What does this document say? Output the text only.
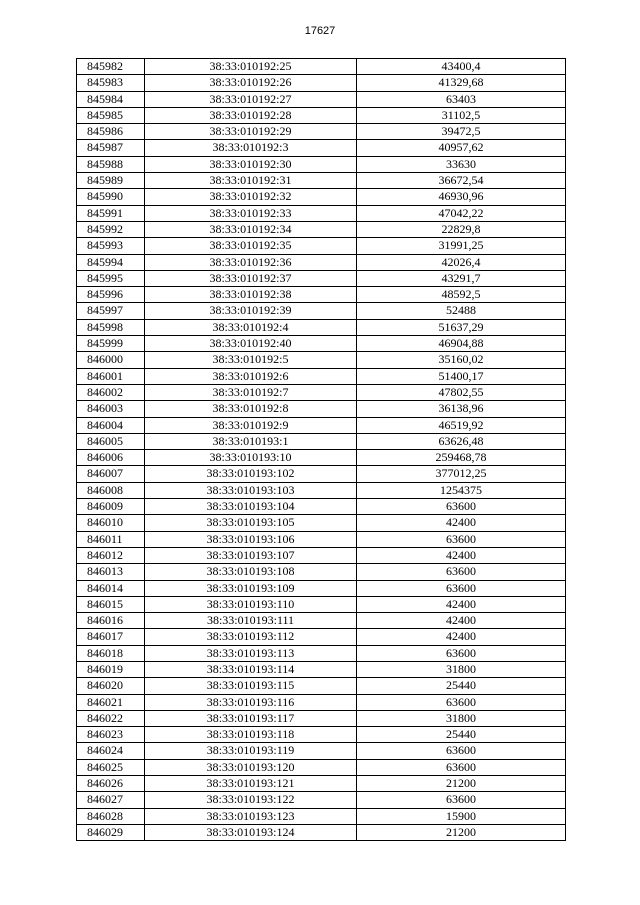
17627
845982	38:33:010192:25	43400,4
845983	38:33:010192:26	41329,68
845984	38:33:010192:27	63403
845985	38:33:010192:28	31102,5
845986	38:33:010192:29	39472,5
845987	38:33:010192:3	40957,62
845988	38:33:010192:30	33630
845989	38:33:010192:31	36672,54
845990	38:33:010192:32	46930,96
845991	38:33:010192:33	47042,22
845992	38:33:010192:34	22829,8
845993	38:33:010192:35	31991,25
845994	38:33:010192:36	42026,4
845995	38:33:010192:37	43291,7
845996	38:33:010192:38	48592,5
845997	38:33:010192:39	52488
845998	38:33:010192:4	51637,29
845999	38:33:010192:40	46904,88
846000	38:33:010192:5	35160,02
846001	38:33:010192:6	51400,17
846002	38:33:010192:7	47802,55
846003	38:33:010192:8	36138,96
846004	38:33:010192:9	46519,92
846005	38:33:010193:1	63626,48
846006	38:33:010193:10	259468,78
846007	38:33:010193:102	377012,25
846008	38:33:010193:103	1254375
846009	38:33:010193:104	63600
846010	38:33:010193:105	42400
846011	38:33:010193:106	63600
846012	38:33:010193:107	42400
846013	38:33:010193:108	63600
846014	38:33:010193:109	63600
846015	38:33:010193:110	42400
846016	38:33:010193:111	42400
846017	38:33:010193:112	42400
846018	38:33:010193:113	63600
846019	38:33:010193:114	31800
846020	38:33:010193:115	25440
846021	38:33:010193:116	63600
846022	38:33:010193:117	31800
846023	38:33:010193:118	25440
846024	38:33:010193:119	63600
846025	38:33:010193:120	63600
846026	38:33:010193:121	21200
846027	38:33:010193:122	63600
846028	38:33:010193:123	15900
846029	38:33:010193:124	21200
